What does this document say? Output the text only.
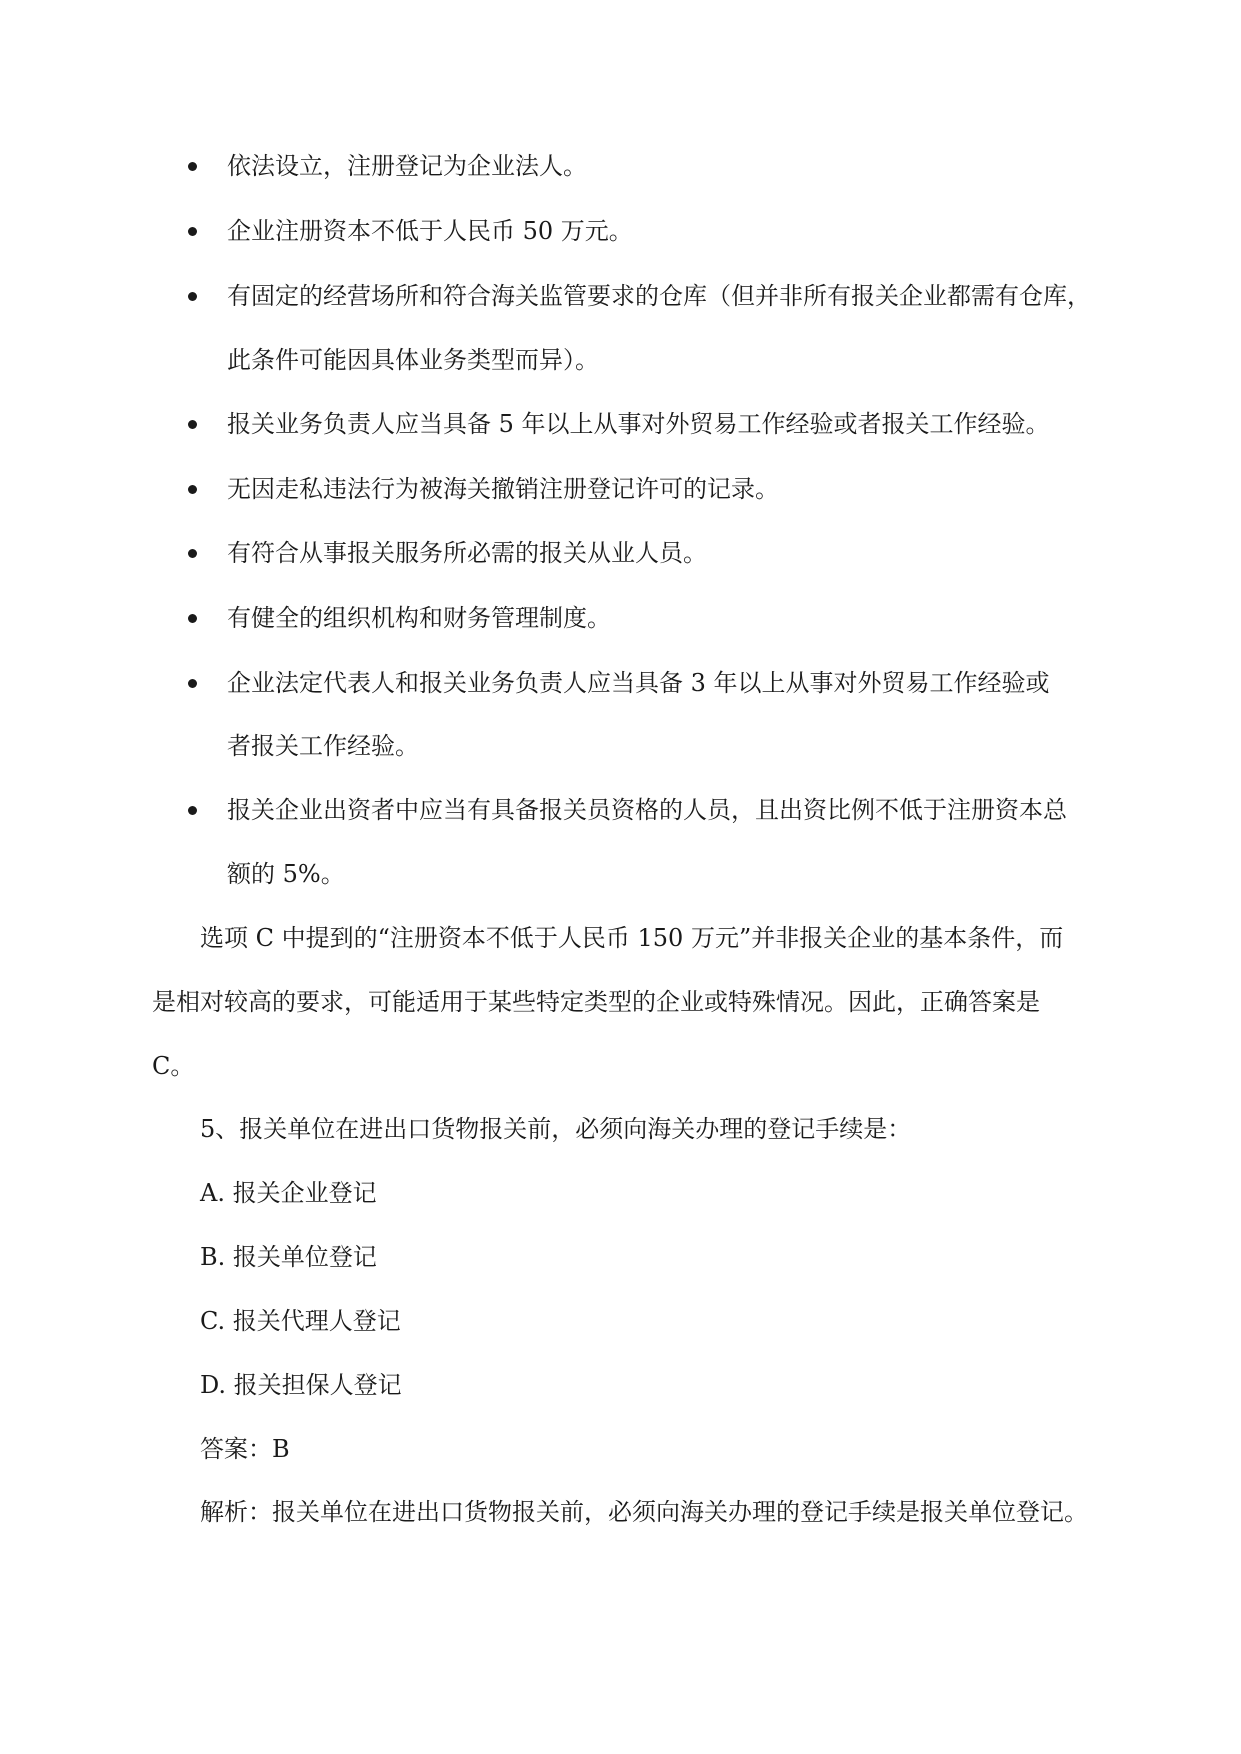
依法设立，注册登记为企业法人。
企业注册资本不低于人民币 50 万元。
有固定的经营场所和符合海关监管要求的仓库（但并非所有报关企业都需有仓库，
此条件可能因具体业务类型而异）。
报关业务负责人应当具备 5 年以上从事对外贸易工作经验或者报关工作经验。
无因走私违法行为被海关撤销注册登记许可的记录。
有符合从事报关服务所必需的报关从业人员。
有健全的组织机构和财务管理制度。
企业法定代表人和报关业务负责人应当具备 3 年以上从事对外贸易工作经验或
者报关工作经验。
报关企业出资者中应当有具备报关员资格的人员，且出资比例不低于注册资本总
额的 5%。
选项 C 中提到的“注册资本不低于人民币 150 万元”并非报关企业的基本条件，而
是相对较高的要求，可能适用于某些特定类型的企业或特殊情况。因此，正确答案是
C。
5、报关单位在进出口货物报关前，必须向海关办理的登记手续是：
A. 报关企业登记
B. 报关单位登记
C. 报关代理人登记
D. 报关担保人登记
答案：B
解析：报关单位在进出口货物报关前，必须向海关办理的登记手续是报关单位登记。
